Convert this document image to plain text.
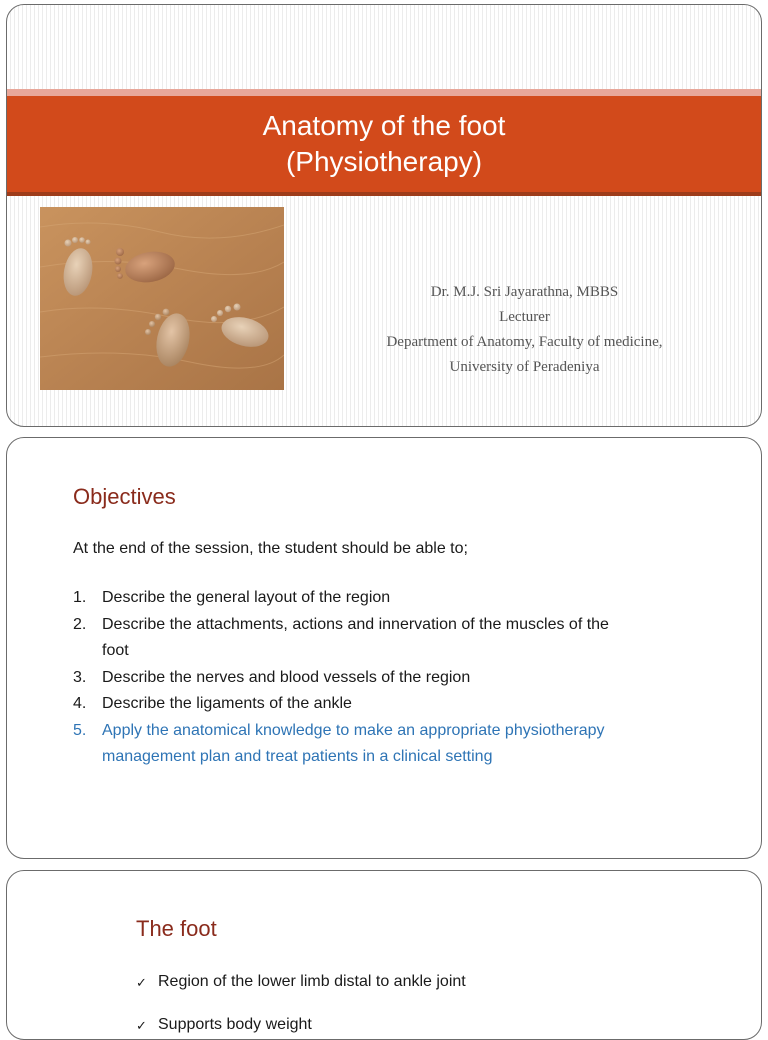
Anatomy of the foot
(Physiotherapy)
Dr. M.J. Sri Jayarathna, MBBS
Lecturer
Department of Anatomy, Faculty of medicine,
University of Peradeniya
Objectives
At the end of the session, the student should be able to;
1. Describe the general layout of the region
2. Describe the attachments, actions and innervation of the muscles of the
foot
3. Describe the nerves and blood vessels of the region
4. Describe the ligaments of the ankle
5. Apply the anatomical knowledge to make an appropriate physiotherapy
management plan and treat patients in a clinical setting
The foot
✓ Region of the lower limb distal to ankle joint
✓ Supports body weight
